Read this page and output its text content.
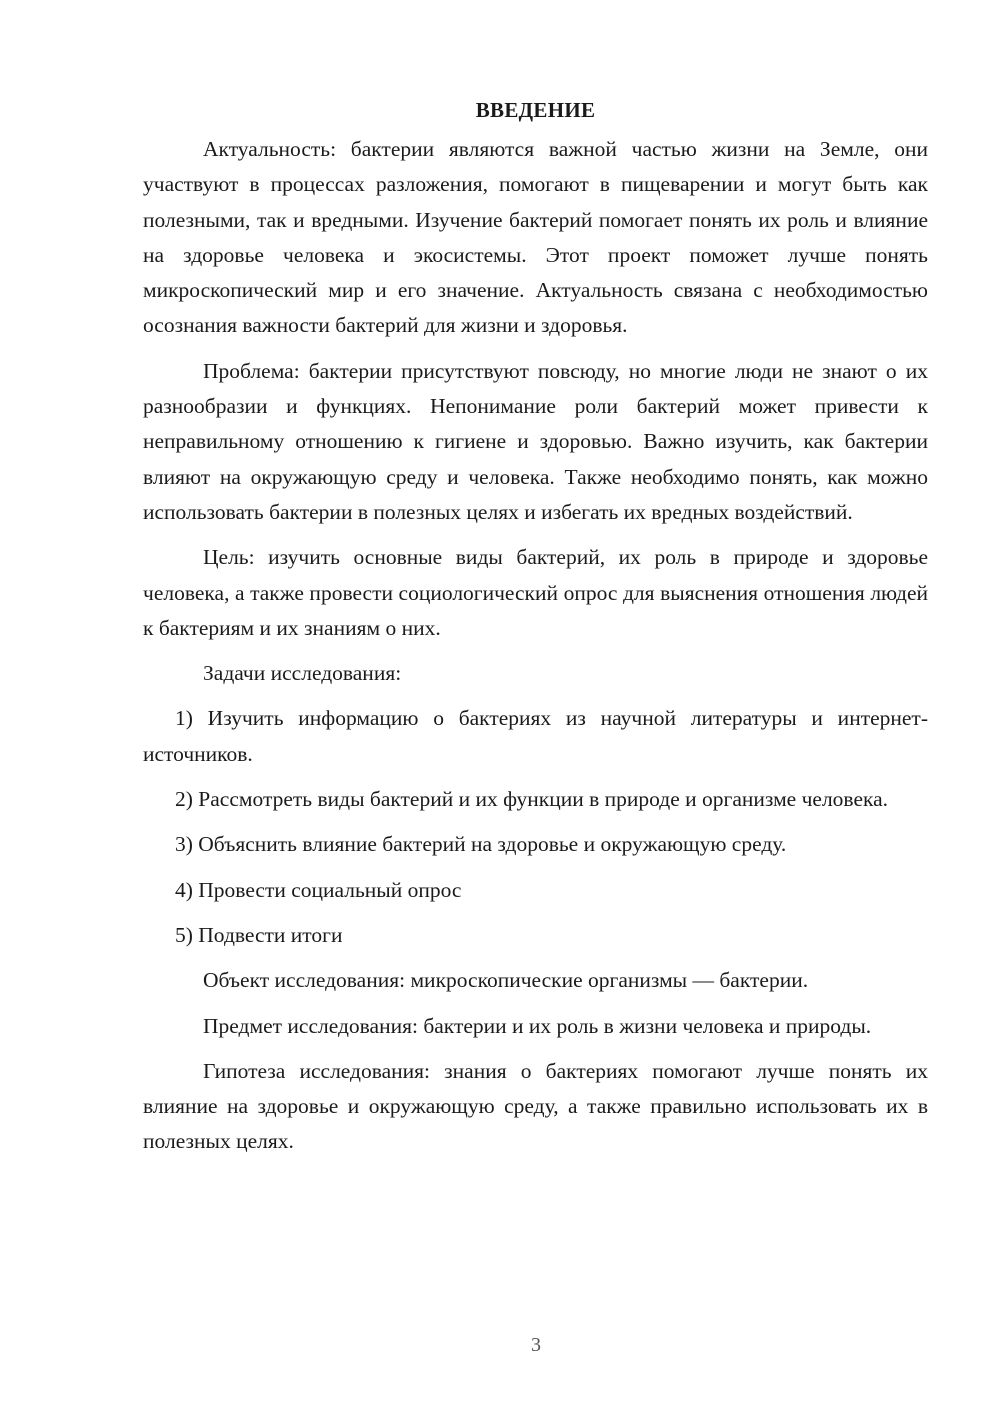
ВВЕДЕНИЕ

Актуальность: бактерии являются важной частью жизни на Земле, они участвуют в процессах разложения, помогают в пищеварении и могут быть как полезными, так и вредными. Изучение бактерий помогает понять их роль и влияние на здоровье человека и экосистемы. Этот проект поможет лучше понять микроскопический мир и его значение. Актуальность связана с необходимостью осознания важности бактерий для жизни и здоровья.

Проблема: бактерии присутствуют повсюду, но многие люди не знают о их разнообразии и функциях. Непонимание роли бактерий может привести к неправильному отношению к гигиене и здоровью. Важно изучить, как бактерии влияют на окружающую среду и человека. Также необходимо понять, как можно использовать бактерии в полезных целях и избегать их вредных воздействий.

Цель: изучить основные виды бактерий, их роль в природе и здоровье человека, а также провести социологический опрос для выяснения отношения людей к бактериям и их знаниям о них.

Задачи исследования:

1) Изучить информацию о бактериях из научной литературы и интернет-источников.

2) Рассмотреть виды бактерий и их функции в природе и организме человека.

3) Объяснить влияние бактерий на здоровье и окружающую среду.

4) Провести социальный опрос

5) Подвести итоги

Объект исследования: микроскопические организмы — бактерии.

Предмет исследования: бактерии и их роль в жизни человека и природы.

Гипотеза исследования: знания о бактериях помогают лучше понять их влияние на здоровье и окружающую среду, а также правильно использовать их в полезных целях.

3
